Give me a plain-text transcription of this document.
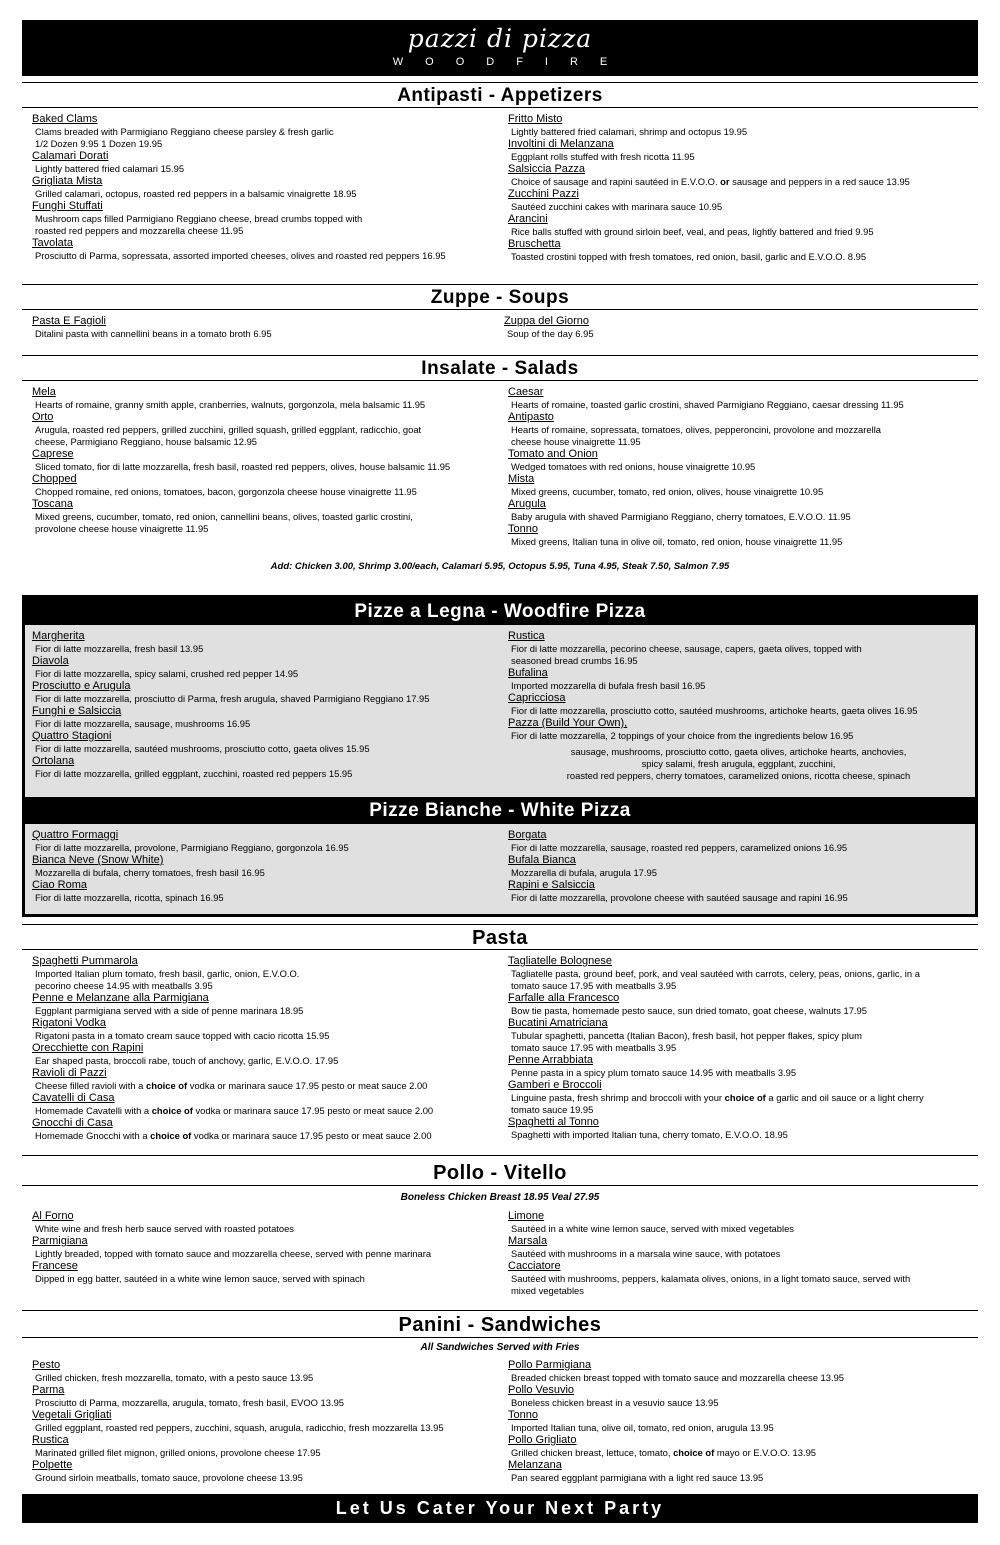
pazzi di pizza
WOODFIRE
Antipasti - Appetizers
Baked Clams
Clams breaded with Parmigiano Reggiano cheese parsley & fresh garlic
1/2 Dozen 9.95 1 Dozen 19.95
Calamari Dorati
Lightly battered fried calamari 15.95
Grigliata Mista
Grilled calamari, octopus, roasted red peppers in a balsamic vinaigrette 18.95
Funghi Stuffati
Mushroom caps filled Parmigiano Reggiano cheese, bread crumbs topped with
roasted red peppers and mozzarella cheese 11.95
Tavolata
Prosciutto di Parma, sopressata, assorted imported cheeses, olives and roasted red peppers 16.95
Fritto Misto
Lightly battered fried calamari, shrimp and octopus 19.95
Involtini di Melanzana
Eggplant rolls stuffed with fresh ricotta 11.95
Salsiccia Pazza
Choice of sausage and rapini sautéed in E.V.O.O. or sausage and peppers in a red sauce 13.95
Zucchini Pazzi
Sautéed zucchini cakes with marinara sauce 10.95
Arancini
Rice balls stuffed with ground sirloin beef, veal, and peas, lightly battered and fried 9.95
Bruschetta
Toasted crostini topped with fresh tomatoes, red onion, basil, garlic and E.V.O.O. 8.95
Zuppe - Soups
Pasta E Fagioli
Ditalini pasta with cannellini beans in a tomato broth 6.95
Zuppa del Giorno
Soup of the day 6.95
Insalate - Salads
Mela
Hearts of romaine, granny smith apple, cranberries, walnuts, gorgonzola, mela balsamic 11.95
Orto
Arugula, roasted red peppers, grilled zucchini, grilled squash, grilled eggplant, radicchio, goat
cheese, Parmigiano Reggiano, house balsamic 12.95
Caprese
Sliced tomato, fior di latte mozzarella, fresh basil, roasted red peppers, olives, house balsamic 11.95
Chopped
Chopped romaine, red onions, tomatoes, bacon, gorgonzola cheese house vinaigrette 11.95
Toscana
Mixed greens, cucumber, tomato, red onion, cannellini beans, olives, toasted garlic crostini,
provolone cheese house vinaigrette 11.95
Caesar
Hearts of romaine, toasted garlic crostini, shaved Parmigiano Reggiano, caesar dressing 11.95
Antipasto
Hearts of romaine, sopressata, tomatoes, olives, pepperoncini, provolone and mozzarella
cheese house vinaigrette 11.95
Tomato and Onion
Wedged tomatoes with red onions, house vinaigrette 10.95
Mista
Mixed greens, cucumber, tomato, red onion, olives, house vinaigrette 10.95
Arugula
Baby arugula with shaved Parmigiano Reggiano, cherry tomatoes, E.V.O.O. 11.95
Tonno
Mixed greens, Italian tuna in olive oil, tomato, red onion, house vinaigrette 11.95
Add: Chicken 3.00, Shrimp 3.00/each, Calamari 5.95, Octopus 5.95, Tuna 4.95, Steak 7.50, Salmon 7.95
Pizze a Legna - Woodfire Pizza
Margherita
Fior di latte mozzarella, fresh basil 13.95
Diavola
Fior di latte mozzarella, spicy salami, crushed red pepper 14.95
Prosciutto e Arugula
Fior di latte mozzarella, prosciutto di Parma, fresh arugula, shaved Parmigiano Reggiano 17.95
Funghi e Salsiccia
Fior di latte mozzarella, sausage, mushrooms 16.95
Quattro Stagioni
Fior di latte mozzarella, sautéed mushrooms, prosciutto cotto, gaeta olives 15.95
Ortolana
Fior di latte mozzarella, grilled eggplant, zucchini, roasted red peppers 15.95
Rustica
Fior di latte mozzarella, pecorino cheese, sausage, capers, gaeta olives, topped with
seasoned bread crumbs 16.95
Bufalina
Imported mozzarella di bufala fresh basil 16.95
Capricciosa
Fior di latte mozzarella, prosciutto cotto, sautéed mushrooms, artichoke hearts, gaeta olives 16.95
Pazza (Build Your Own),
Fior di latte mozzarella, 2 toppings of your choice from the ingredients below 16.95
sausage, mushrooms, prosciutto cotto, gaeta olives, artichoke hearts, anchovies,
spicy salami, fresh arugula, eggplant, zucchini,
roasted red peppers, cherry tomatoes, caramelized onions, ricotta cheese, spinach
Pizze Bianche - White Pizza
Quattro Formaggi
Fior di latte mozzarella, provolone, Parmigiano Reggiano, gorgonzola 16.95
Bianca Neve (Snow White)
Mozzarella di bufala, cherry tomatoes, fresh basil 16.95
Ciao Roma
Fior di latte mozzarella, ricotta, spinach 16.95
Borgata
Fior di latte mozzarella, sausage, roasted red peppers, caramelized onions 16.95
Bufala Bianca
Mozzarella di bufala, arugula 17.95
Rapini e Salsiccia
Fior di latte mozzarella, provolone cheese with sautéed sausage and rapini 16.95
Pasta
Spaghetti Pummarola
Imported Italian plum tomato, fresh basil, garlic, onion, E.V.O.O.
pecorino cheese 14.95 with meatballs 3.95
Penne e Melanzane alla Parmigiana
Eggplant parmigiana served with a side of penne marinara 18.95
Rigatoni Vodka
Rigatoni pasta in a tomato cream sauce topped with cacio ricotta 15.95
Orecchiette con Rapini
Ear shaped pasta, broccoli rabe, touch of anchovy, garlic, E.V.O.O. 17.95
Ravioli di Pazzi
Cheese filled ravioli with a choice of vodka or marinara sauce 17.95 pesto or meat sauce 2.00
Cavatelli di Casa
Homemade Cavatelli with a choice of vodka or marinara sauce 17.95 pesto or meat sauce 2.00
Gnocchi di Casa
Homemade Gnocchi with a choice of vodka or marinara sauce 17.95 pesto or meat sauce 2.00
Tagliatelle Bolognese
Tagliatelle pasta, ground beef, pork, and veal sautéed with carrots, celery, peas, onions, garlic, in a
tomato sauce 17.95 with meatballs 3.95
Farfalle alla Francesco
Bow tie pasta, homemade pesto sauce, sun dried tomato, goat cheese, walnuts 17.95
Bucatini Amatriciana
Tubular spaghetti, pancetta (Italian Bacon), fresh basil, hot pepper flakes, spicy plum
tomato sauce 17.95 with meatballs 3.95
Penne Arrabbiata
Penne pasta in a spicy plum tomato sauce 14.95 with meatballs 3.95
Gamberi e Broccoli
Linguine pasta, fresh shrimp and broccoli with your choice of a garlic and oil sauce or a light cherry
tomato sauce 19.95
Spaghetti al Tonno
Spaghetti with imported Italian tuna, cherry tomato, E.V.O.O. 18.95
Pollo - Vitello
Boneless Chicken Breast 18.95 Veal 27.95
Al Forno
White wine and fresh herb sauce served with roasted potatoes
Parmigiana
Lightly breaded, topped with tomato sauce and mozzarella cheese, served with penne marinara
Francese
Dipped in egg batter, sautéed in a white wine lemon sauce, served with spinach
Limone
Sautéed in a white wine lemon sauce, served with mixed vegetables
Marsala
Sautéed with mushrooms in a marsala wine sauce, with potatoes
Cacciatore
Sautéed with mushrooms, peppers, kalamata olives, onions, in a light tomato sauce, served with
mixed vegetables
Panini - Sandwiches
All Sandwiches Served with Fries
Pesto
Grilled chicken, fresh mozzarella, tomato, with a pesto sauce 13.95
Parma
Prosciutto di Parma, mozzarella, arugula, tomato, fresh basil, EVOO 13.95
Vegetali Grigliati
Grilled eggplant, roasted red peppers, zucchini, squash, arugula, radicchio, fresh mozzarella 13.95
Rustica
Marinated grilled filet mignon, grilled onions, provolone cheese 17.95
Polpette
Ground sirloin meatballs, tomato sauce, provolone cheese 13.95
Pollo Parmigiana
Breaded chicken breast topped with tomato sauce and mozzarella cheese 13.95
Pollo Vesuvio
Boneless chicken breast in a vesuvio sauce 13.95
Tonno
Imported Italian tuna, olive oil, tomato, red onion, arugula 13.95
Pollo Grigliato
Grilled chicken breast, lettuce, tomato, choice of mayo or E.V.O.O. 13.95
Melanzana
Pan seared eggplant parmigiana with a light red sauce 13.95
Let Us Cater Your Next Party
